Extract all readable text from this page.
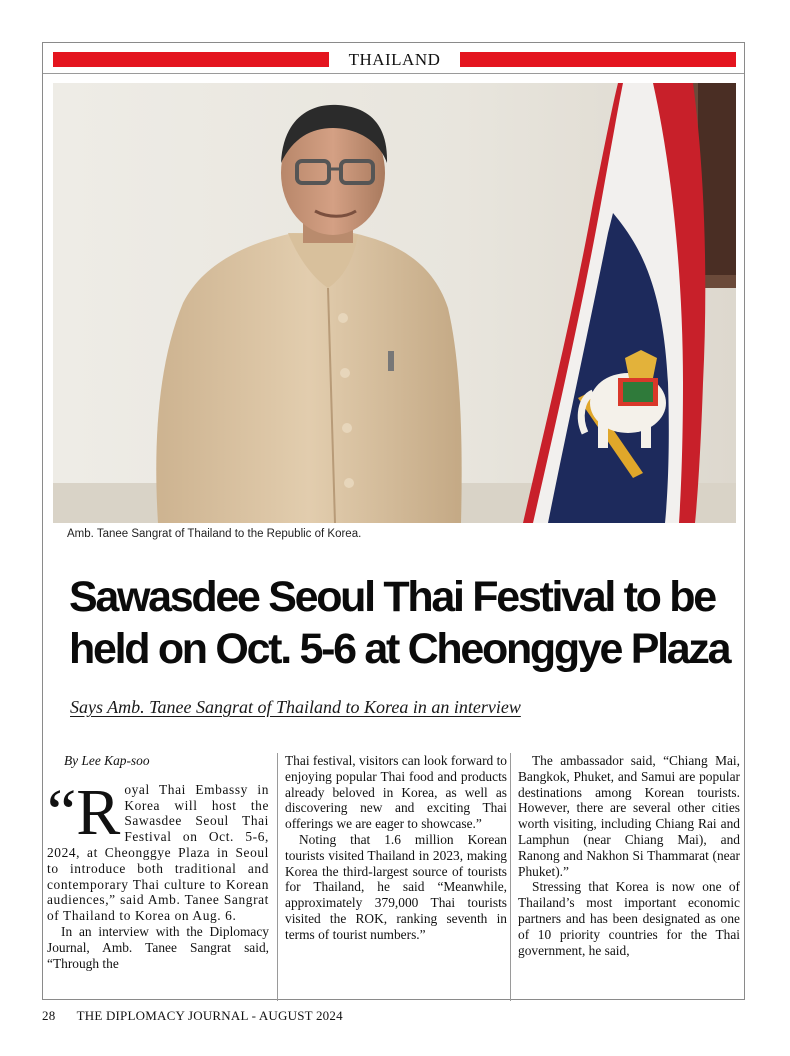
THAILAND
Amb. Tanee Sangrat of Thailand to the Republic of Korea.
Sawasdee Seoul Thai Festival to be
held on Oct. 5-6 at Cheonggye Plaza
Says Amb. Tanee Sangrat of Thailand to Korea in an interview
By Lee Kap-soo
“R oyal Thai Embassy in Korea will host the Sawasdee Seoul Thai Festival on Oct. 5-6, 2024, at Cheonggye Plaza in Seoul to introduce both traditional and contemporary Thai culture to Korean audiences,” said Amb. Tanee Sangrat of Thailand to Korea on Aug. 6.

In an interview with the Diplomacy Journal, Amb. Tanee Sangrat said, “Through the

Thai festival, visitors can look forward to enjoying popular Thai food and products already beloved in Korea, as well as discovering new and exciting Thai offerings we are eager to showcase.”

Noting that 1.6 million Korean tourists visited Thailand in 2023, making Korea the third-largest source of tourists for Thailand, he said “Meanwhile, approximately 379,000 Thai tourists visited the ROK, ranking seventh in terms of tourist numbers.”

The ambassador said, “Chiang Mai, Bangkok, Phuket, and Samui are popular destinations among Korean tourists. However, there are several other cities worth visiting, including Chiang Rai and Lamphun (near Chiang Mai), and Ranong and Nakhon Si Thammarat (near Phuket).”

Stressing that Korea is now one of Thailand’s most important economic partners and has been designated as one of 10 priority countries for the Thai government, he said,

28 THE DIPLOMACY JOURNAL - AUGUST 2024
